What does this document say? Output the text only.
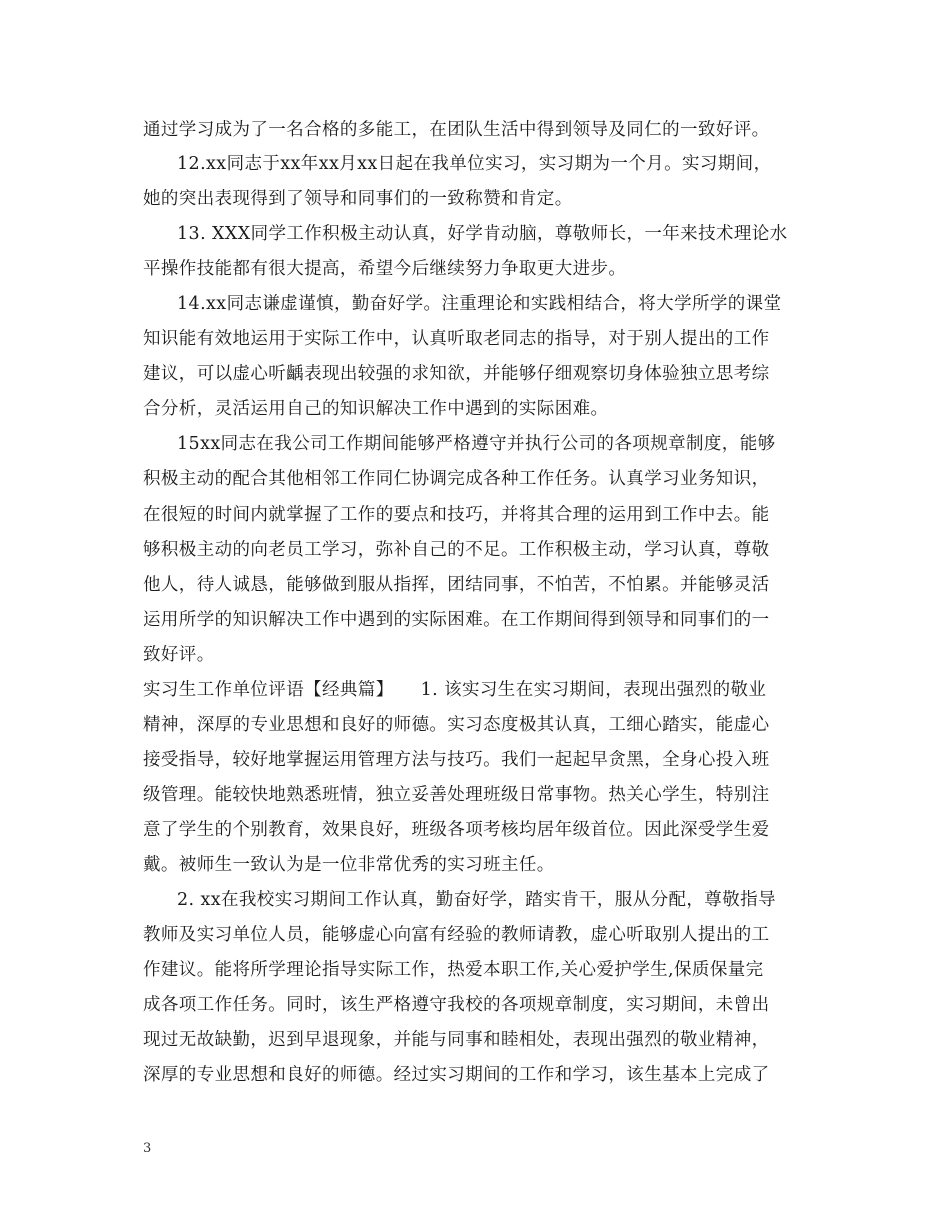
通过学习成为了一名合格的多能工，在团队生活中得到领导及同仁的一致好评。
12.xx同志于xx年xx月xx日起在我单位实习，实习期为一个月。实习期间，
她的突出表现得到了领导和同事们的一致称赞和肯定。
13. XXX同学工作积极主动认真，好学肯动脑，尊敬师长，一年来技术理论水
平操作技能都有很大提高，希望今后继续努力争取更大进步。
14.xx同志谦虚谨慎，勤奋好学。注重理论和实践相结合，将大学所学的课堂
知识能有效地运用于实际工作中，认真听取老同志的指导，对于别人提出的工作
建议，可以虚心听齲表现出较强的求知欲，并能够仔细观察切身体验独立思考综
合分析，灵活运用自己的知识解决工作中遇到的实际困难。
15xx同志在我公司工作期间能够严格遵守并执行公司的各项规章制度，能够
积极主动的配合其他相邻工作同仁协调完成各种工作任务。认真学习业务知识，
在很短的时间内就掌握了工作的要点和技巧，并将其合理的运用到工作中去。能
够积极主动的向老员工学习，弥补自己的不足。工作积极主动，学习认真，尊敬
他人，待人诚恳，能够做到服从指挥，团结同事，不怕苦，不怕累。并能够灵活
运用所学的知识解决工作中遇到的实际困难。在工作期间得到领导和同事们的一
致好评。
实习生工作单位评语【经典篇】　　1. 该实习生在实习期间，表现出强烈的敬业
精神，深厚的专业思想和良好的师德。实习态度极其认真，工细心踏实，能虚心
接受指导，较好地掌握运用管理方法与技巧。我们一起起早贪黑，全身心投入班
级管理。能较快地熟悉班情，独立妥善处理班级日常事物。热关心学生，特别注
意了学生的个别教育，效果良好，班级各项考核均居年级首位。因此深受学生爱
戴。被师生一致认为是一位非常优秀的实习班主任。
2. xx在我校实习期间工作认真，勤奋好学，踏实肯干，服从分配，尊敬指导
教师及实习单位人员，能够虚心向富有经验的教师请教，虚心听取别人提出的工
作建议。能将所学理论指导实际工作，热爱本职工作,关心爱护学生,保质保量完
成各项工作任务。同时，该生严格遵守我校的各项规章制度，实习期间，未曾出
现过无故缺勤，迟到早退现象，并能与同事和睦相处，表现出强烈的敬业精神，
深厚的专业思想和良好的师德。经过实习期间的工作和学习，该生基本上完成了
3
